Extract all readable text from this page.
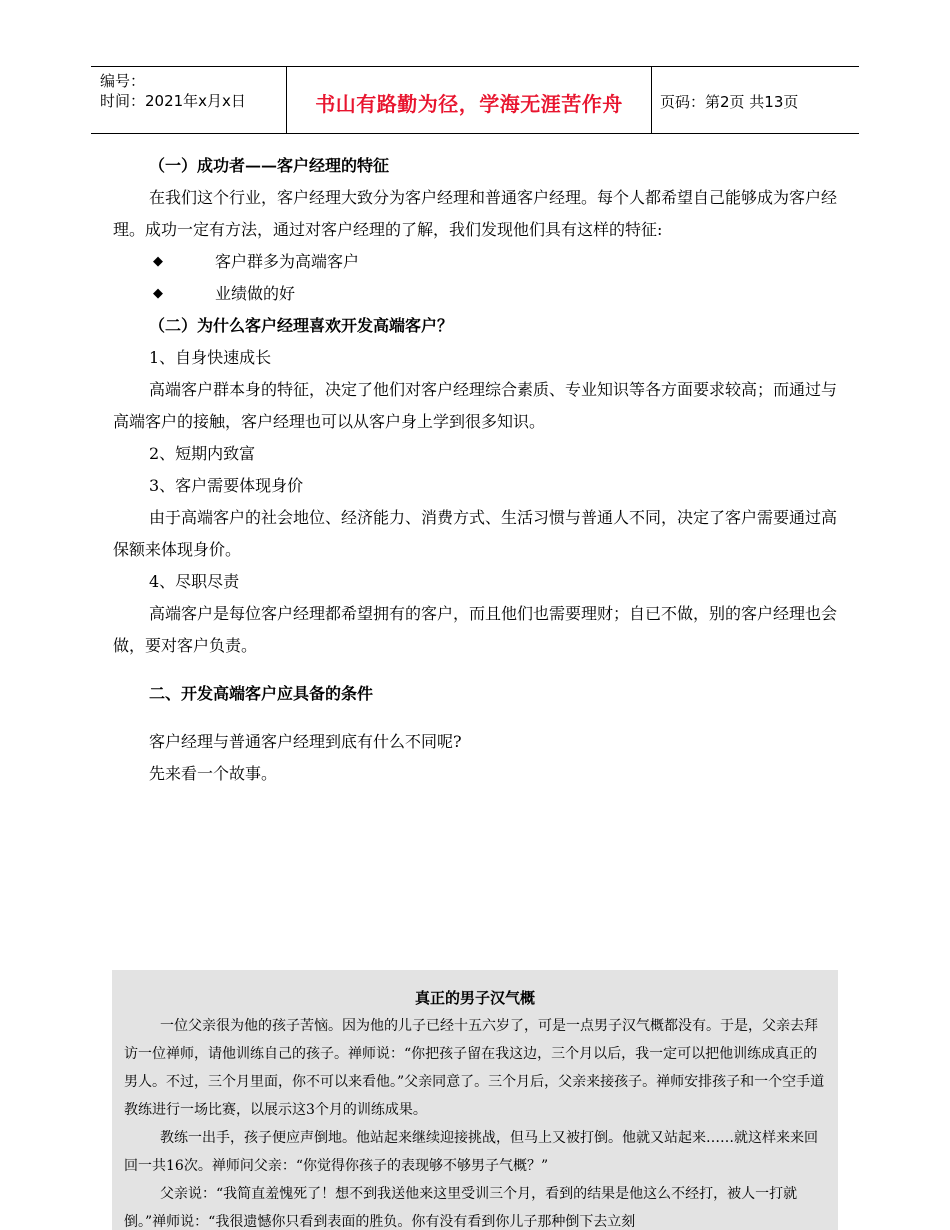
编号：
时间：2021年x月x日	书山有路勤为径，学海无涯苦作舟	页码：第2页 共13页

（一）成功者——客户经理的特征

在我们这个行业，客户经理大致分为客户经理和普通客户经理。每个人都希望自己能够成为客户经理。成功一定有方法，通过对客户经理的了解，我们发现他们具有这样的特征:

◆	客户群多为高端客户
◆	业绩做的好

（二）为什么客户经理喜欢开发高端客户？

1、自身快速成长

高端客户群本身的特征，决定了他们对客户经理综合素质、专业知识等各方面要求较高；而通过与高端客户的接触，客户经理也可以从客户身上学到很多知识。

2、短期内致富

3、客户需要体现身价

由于高端客户的社会地位、经济能力、消费方式、生活习惯与普通人不同，决定了客户需要通过高保额来体现身价。

4、尽职尽责

高端客户是每位客户经理都希望拥有的客户，而且他们也需要理财；自已不做，别的客户经理也会做，要对客户负责。

二、开发高端客户应具备的条件

客户经理与普通客户经理到底有什么不同呢?

先来看一个故事。

真正的男子汉气概

一位父亲很为他的孩子苦恼。因为他的儿子已经十五六岁了，可是一点男子汉气概都没有。于是，父亲去拜访一位禅师，请他训练自己的孩子。禅师说：“你把孩子留在我这边，三个月以后，我一定可以把他训练成真正的男人。不过，三个月里面，你不可以来看他。”父亲同意了。三个月后，父亲来接孩子。禅师安排孩子和一个空手道教练进行一场比赛，以展示这3个月的训练成果。

教练一出手，孩子便应声倒地。他站起来继续迎接挑战，但马上又被打倒。他就又站起来……就这样来来回回一共16次。禅师问父亲：“你觉得你孩子的表现够不够男子气概？”

父亲说：“我简直羞愧死了！想不到我送他来这里受训三个月，看到的结果是他这么不经打，被人一打就倒。”禅师说：“我很遗憾你只看到表面的胜负。你有没有看到你儿子那种倒下去立刻
